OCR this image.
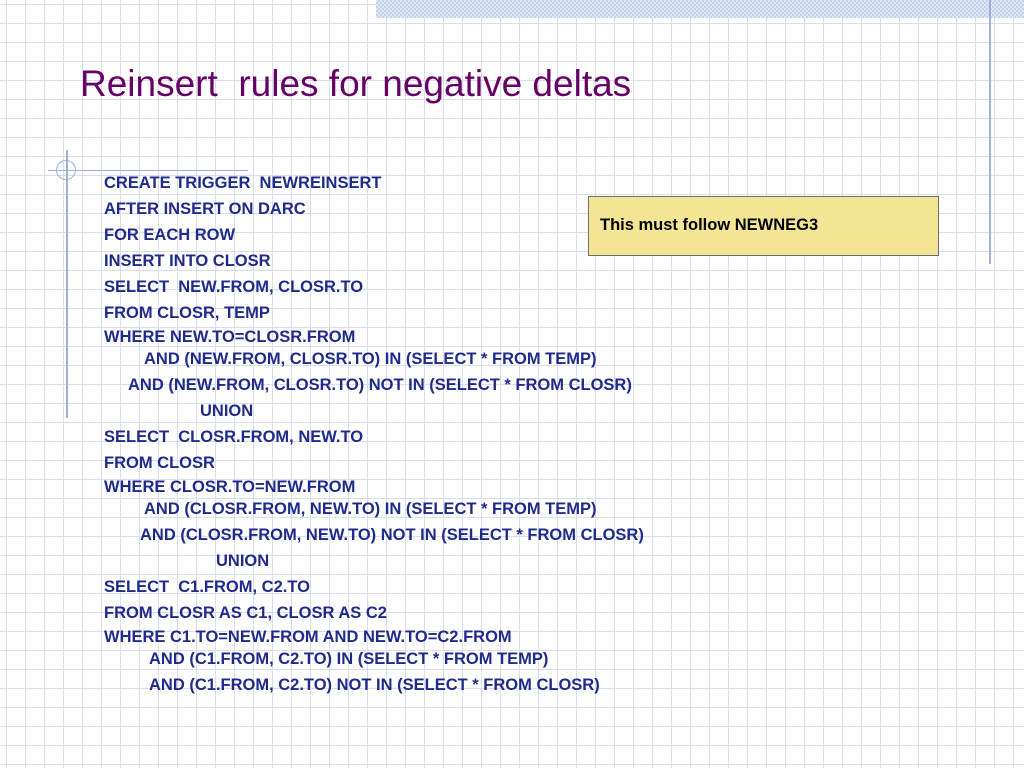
Reinsert  rules for negative deltas
CREATE TRIGGER  NEWREINSERT
AFTER INSERT ON DARC
FOR EACH ROW
INSERT INTO CLOSR
SELECT  NEW.FROM, CLOSR.TO
FROM CLOSR, TEMP
WHERE NEW.TO=CLOSR.FROM
AND (NEW.FROM, CLOSR.TO) IN (SELECT * FROM TEMP)
AND (NEW.FROM, CLOSR.TO) NOT IN (SELECT * FROM CLOSR)
UNION
SELECT  CLOSR.FROM, NEW.TO
FROM CLOSR
WHERE CLOSR.TO=NEW.FROM
AND (CLOSR.FROM, NEW.TO) IN (SELECT * FROM TEMP)
AND (CLOSR.FROM, NEW.TO) NOT IN (SELECT * FROM CLOSR)
UNION
SELECT  C1.FROM, C2.TO
FROM CLOSR AS C1, CLOSR AS C2
WHERE C1.TO=NEW.FROM AND NEW.TO=C2.FROM
AND (C1.FROM, C2.TO) IN (SELECT * FROM TEMP)
AND (C1.FROM, C2.TO) NOT IN (SELECT * FROM CLOSR)
This must follow NEWNEG3
